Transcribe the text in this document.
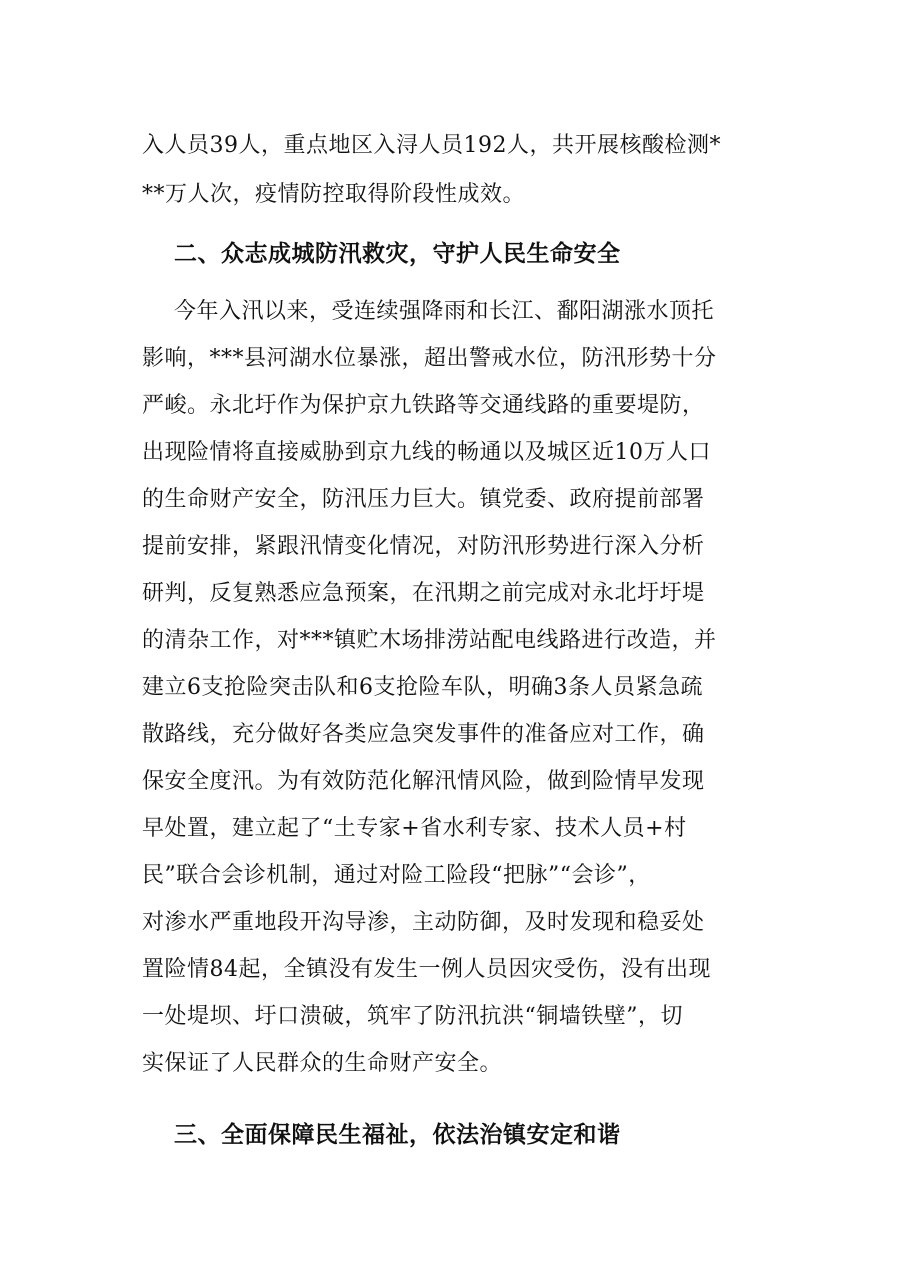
入人员39人，重点地区入浔人员192人，共开展核酸检测*
**万人次，疫情防控取得阶段性成效。
二、众志成城防汛救灾，守护人民生命安全
今年入汛以来，受连续强降雨和长江、鄱阳湖涨水顶托
影响，***县河湖水位暴涨，超出警戒水位，防汛形势十分
严峻。永北圩作为保护京九铁路等交通线路的重要堤防，
出现险情将直接威胁到京九线的畅通以及城区近10万人口
的生命财产安全，防汛压力巨大。镇党委、政府提前部署
提前安排，紧跟汛情变化情况，对防汛形势进行深入分析
研判，反复熟悉应急预案，在汛期之前完成对永北圩圩堤
的清杂工作，对***镇贮木场排涝站配电线路进行改造，并
建立6支抢险突击队和6支抢险车队，明确3条人员紧急疏
散路线，充分做好各类应急突发事件的准备应对工作，确
保安全度汛。为有效防范化解汛情风险，做到险情早发现
早处置，建立起了“土专家+省水利专家、技术人员+村
民”联合会诊机制，通过对险工险段“把脉”“会诊”，
对渗水严重地段开沟导渗，主动防御，及时发现和稳妥处
置险情84起，全镇没有发生一例人员因灾受伤，没有出现
一处堤坝、圩口溃破，筑牢了防汛抗洪“铜墙铁壁”，切
实保证了人民群众的生命财产安全。
三、全面保障民生福祉，依法治镇安定和谐
